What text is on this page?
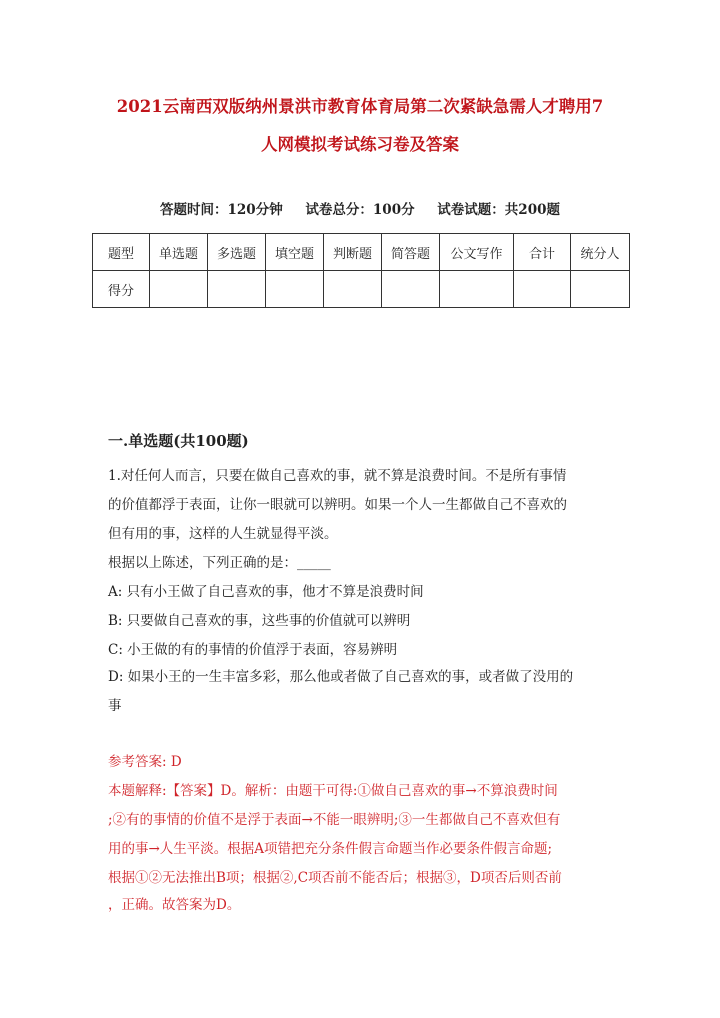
2021云南西双版纳州景洪市教育体育局第二次紧缺急需人才聘用7
人网模拟考试练习卷及答案
答题时间：120分钟 试卷总分：100分 试卷试题：共200题
题型	单选题	多选题	填空题	判断题	简答题	公文写作	合计	统分人
得分								
一.单选题(共100题)
1.对任何人而言，只要在做自己喜欢的事，就不算是浪费时间。不是所有事情
的价值都浮于表面，让你一眼就可以辨明。如果一个人一生都做自己不喜欢的
但有用的事，这样的人生就显得平淡。
根据以上陈述，下列正确的是：_____
A: 只有小王做了自己喜欢的事，他才不算是浪费时间
B: 只要做自己喜欢的事，这些事的价值就可以辨明
C: 小王做的有的事情的价值浮于表面，容易辨明
D: 如果小王的一生丰富多彩，那么他或者做了自己喜欢的事，或者做了没用的
事
参考答案: D
本题解释:【答案】D。解析：由题干可得:①做自己喜欢的事→不算浪费时间
;②有的事情的价值不是浮于表面→不能一眼辨明;③一生都做自己不喜欢但有
用的事→人生平淡。根据A项错把充分条件假言命题当作必要条件假言命题;
根据①②无法推出B项；根据②,C项否前不能否后；根据③，D项否后则否前
，正确。故答案为D。
